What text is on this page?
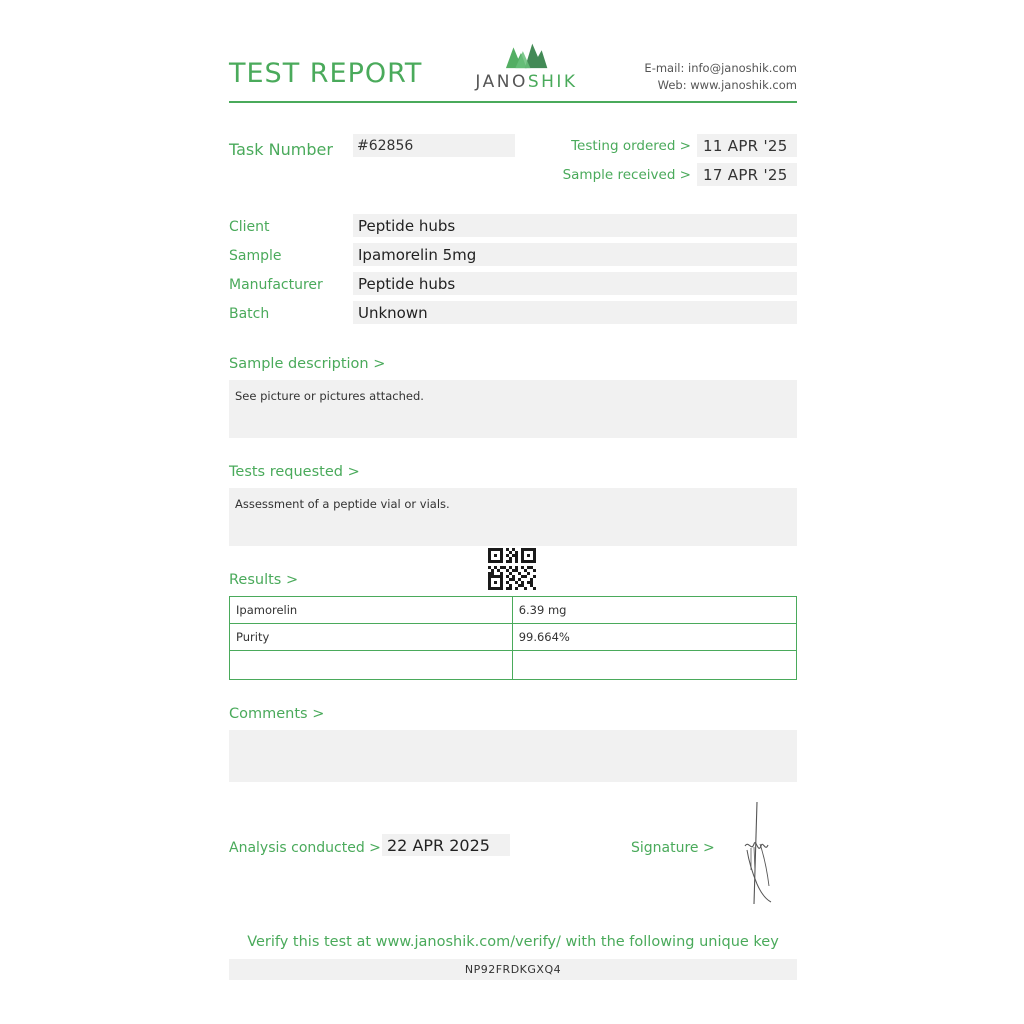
TEST REPORT	JANOSHIK
E-mail: info@janoshik.com
Web: www.janoshik.com
Task Number #62856	Testing ordered > 11 APR '25
Sample received > 17 APR '25
Client	Peptide hubs
Sample	Ipamorelin 5mg
Manufacturer	Peptide hubs
Batch	Unknown
Sample description >
See picture or pictures attached.
Tests requested >
Assessment of a peptide vial or vials.
Results >
Ipamorelin	6.39 mg
Purity	99.664%

Comments >
Analysis conducted > 22 APR 2025	Signature >
Verify this test at www.janoshik.com/verify/ with the following unique key
NP92FRDKGXQ4
